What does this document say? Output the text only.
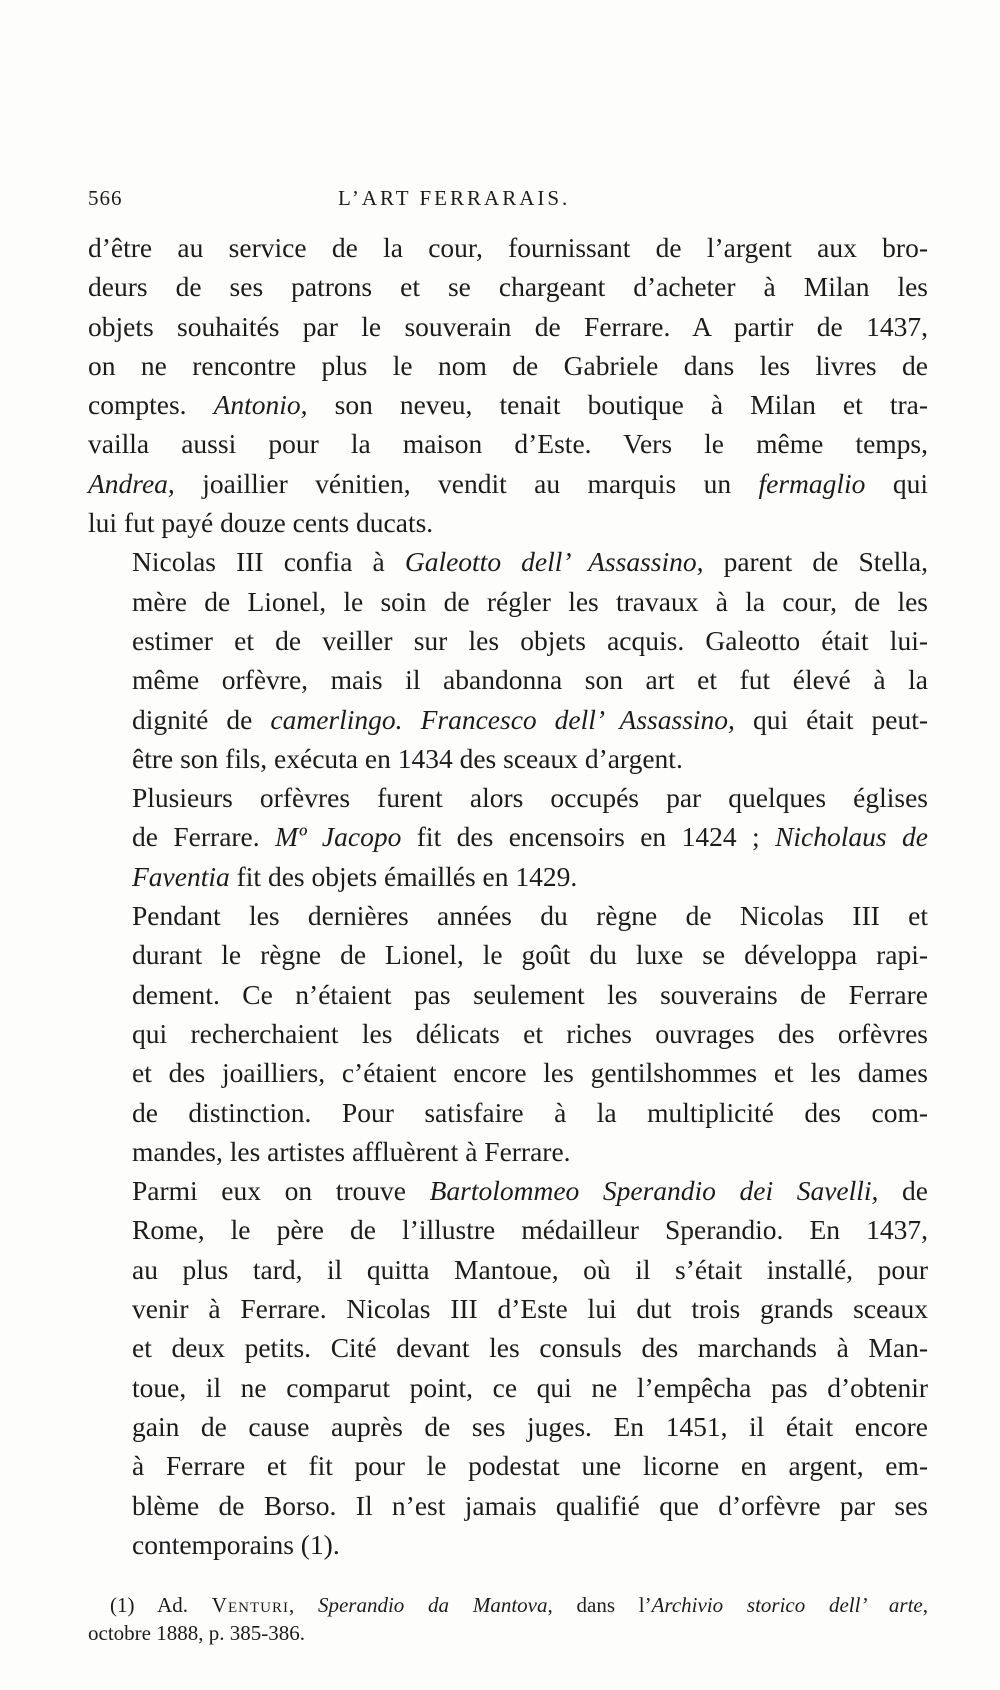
566	L’ART FERRARAIS.

d’être au service de la cour, fournissant de l’argent aux bro-
deurs de ses patrons et se chargeant d’acheter à Milan les
objets souhaités par le souverain de Ferrare. A partir de 1437,
on ne rencontre plus le nom de Gabriele dans les livres de
comptes. Antonio, son neveu, tenait boutique à Milan et tra-
vailla aussi pour la maison d’Este. Vers le même temps,
Andrea, joaillier vénitien, vendit au marquis un fermaglio qui
lui fut payé douze cents ducats.

Nicolas III confia à Galeotto dell’ Assassino, parent de Stella,
mère de Lionel, le soin de régler les travaux à la cour, de les
estimer et de veiller sur les objets acquis. Galeotto était lui-
même orfèvre, mais il abandonna son art et fut élevé à la
dignité de camerlingo. Francesco dell’ Assassino, qui était peut-
être son fils, exécuta en 1434 des sceaux d’argent.

Plusieurs orfèvres furent alors occupés par quelques églises
de Ferrare. Mº Jacopo fit des encensoirs en 1424 ; Nicholaus de
Faventia fit des objets émaillés en 1429.

Pendant les dernières années du règne de Nicolas III et
durant le règne de Lionel, le goût du luxe se développa rapi-
dement. Ce n’étaient pas seulement les souverains de Ferrare
qui recherchaient les délicats et riches ouvrages des orfèvres
et des joailliers, c’étaient encore les gentilshommes et les dames
de distinction. Pour satisfaire à la multiplicité des com-
mandes, les artistes affluèrent à Ferrare.

Parmi eux on trouve Bartolommeo Sperandio dei Savelli, de
Rome, le père de l’illustre médailleur Sperandio. En 1437,
au plus tard, il quitta Mantoue, où il s’était installé, pour
venir à Ferrare. Nicolas III d’Este lui dut trois grands sceaux
et deux petits. Cité devant les consuls des marchands à Man-
toue, il ne comparut point, ce qui ne l’empêcha pas d’obtenir
gain de cause auprès de ses juges. En 1451, il était encore
à Ferrare et fit pour le podestat une licorne en argent, em-
blème de Borso. Il n’est jamais qualifié que d’orfèvre par ses
contemporains (1).

(1) Ad. Venturi, Sperandio da Mantova, dans l’Archivio storico dell’ arte,
octobre 1888, p. 385-386.
